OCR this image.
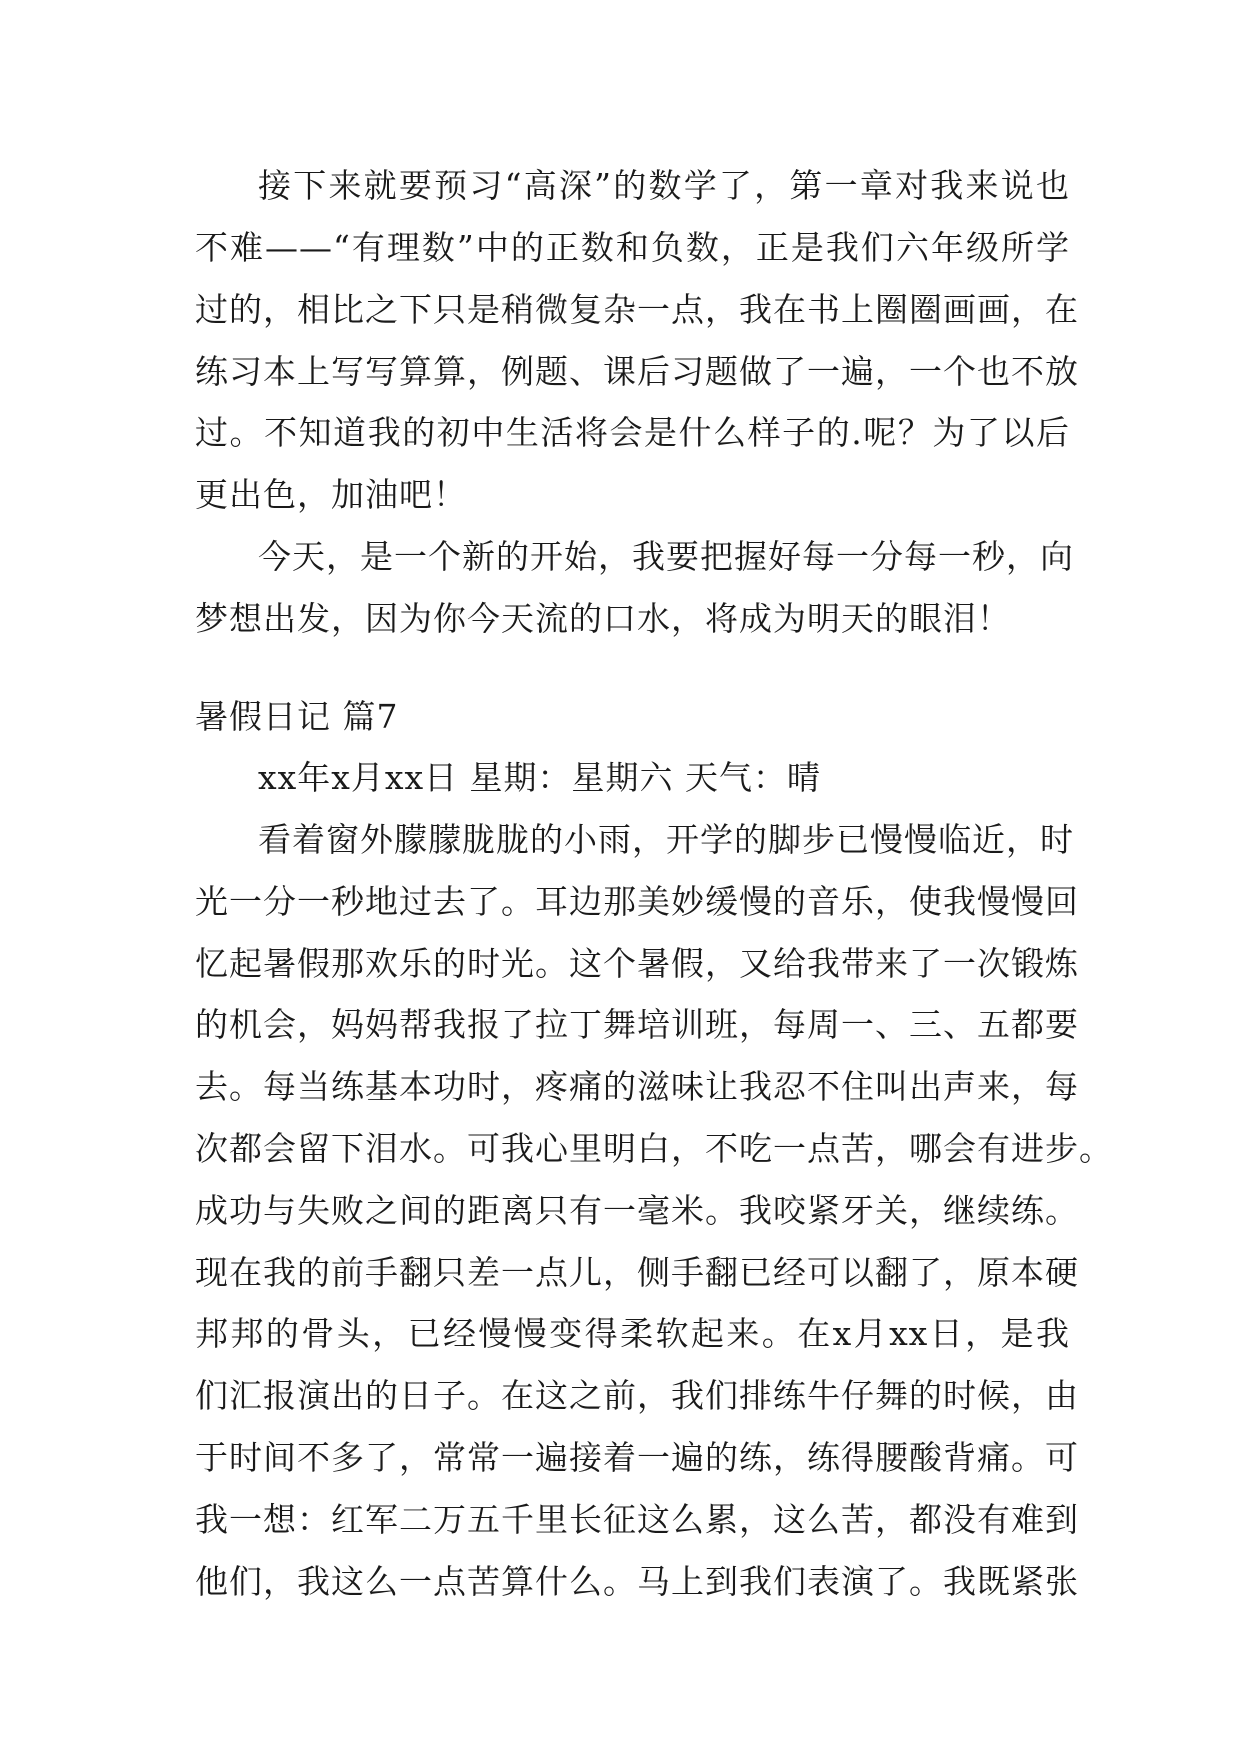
接下来就要预习“高深”的数学了，第一章对我来说也

不难——“有理数”中的正数和负数，正是我们六年级所学

过的，相比之下只是稍微复杂一点，我在书上圈圈画画，在

练习本上写写算算，例题、课后习题做了一遍，一个也不放

过。不知道我的初中生活将会是什么样子的.呢？为了以后

更出色，加油吧！

今天，是一个新的开始，我要把握好每一分每一秒，向

梦想出发，因为你今天流的口水，将成为明天的眼泪！

暑假日记 篇7

xx年x月xx日 星期：星期六 天气：晴

看着窗外朦朦胧胧的小雨，开学的脚步已慢慢临近，时

光一分一秒地过去了。耳边那美妙缓慢的音乐，使我慢慢回

忆起暑假那欢乐的时光。这个暑假，又给我带来了一次锻炼

的机会，妈妈帮我报了拉丁舞培训班，每周一、三、五都要

去。每当练基本功时，疼痛的滋味让我忍不住叫出声来，每

次都会留下泪水。可我心里明白，不吃一点苦，哪会有进步。

成功与失败之间的距离只有一毫米。我咬紧牙关，继续练。

现在我的前手翻只差一点儿，侧手翻已经可以翻了，原本硬

邦邦的骨头，已经慢慢变得柔软起来。在x月xx日，是我

们汇报演出的日子。在这之前，我们排练牛仔舞的时候，由

于时间不多了，常常一遍接着一遍的练，练得腰酸背痛。可

我一想：红军二万五千里长征这么累，这么苦，都没有难到

他们，我这么一点苦算什么。马上到我们表演了。我既紧张
